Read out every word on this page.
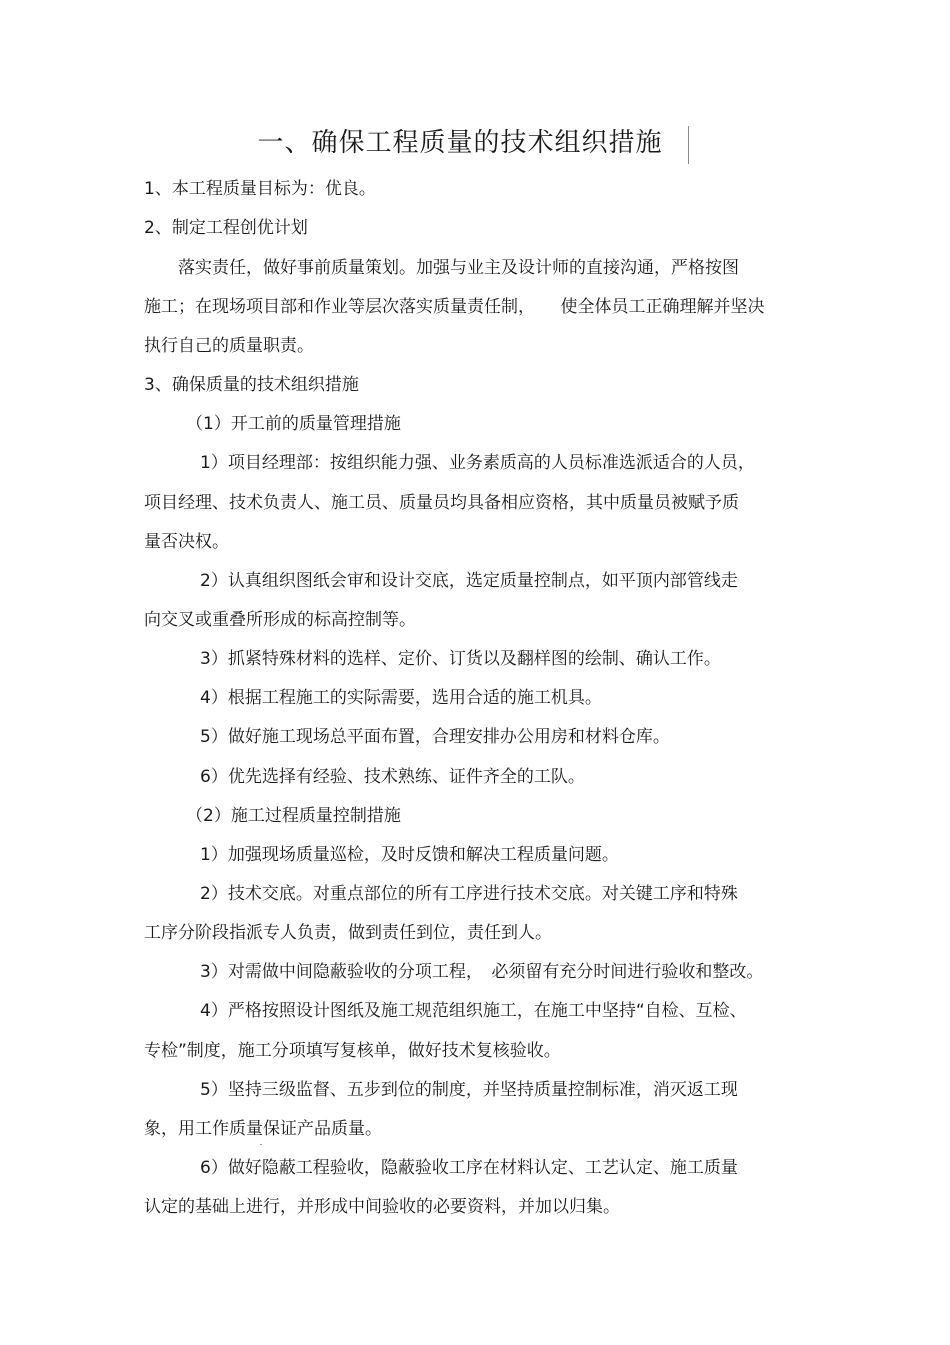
一、确保工程质量的技术组织措施
1、本工程质量目标为：优良。
2、制定工程创优计划
落实责任，做好事前质量策划。加强与业主及设计师的直接沟通，严格按图
施工；在现场项目部和作业等层次落实质量责任制，　　使全体员工正确理解并坚决
执行自己的质量职责。
3、确保质量的技术组织措施
（1）开工前的质量管理措施
1）项目经理部：按组织能力强、业务素质高的人员标准选派适合的人员，
项目经理、技术负责人、施工员、质量员均具备相应资格，其中质量员被赋予质
量否决权。
2）认真组织图纸会审和设计交底，选定质量控制点，如平顶内部管线走
向交叉或重叠所形成的标高控制等。
3）抓紧特殊材料的选样、定价、订货以及翻样图的绘制、确认工作。
4）根据工程施工的实际需要，选用合适的施工机具。
5）做好施工现场总平面布置，合理安排办公用房和材料仓库。
6）优先选择有经验、技术熟练、证件齐全的工队。
（2）施工过程质量控制措施
1）加强现场质量巡检，及时反馈和解决工程质量问题。
2）技术交底。对重点部位的所有工序进行技术交底。对关键工序和特殊
工序分阶段指派专人负责，做到责任到位，责任到人。
3）对需做中间隐蔽验收的分项工程，　必须留有充分时间进行验收和整改。
4）严格按照设计图纸及施工规范组织施工，在施工中坚持“自检、互检、
专检”制度，施工分项填写复核单，做好技术复核验收。
5）坚持三级监督、五步到位的制度，并坚持质量控制标准，消灭返工现
象，用工作质量保证产品质量。
6）做好隐蔽工程验收，隐蔽验收工序在材料认定、工艺认定、施工质量
认定的基础上进行，并形成中间验收的必要资料，并加以归集。
